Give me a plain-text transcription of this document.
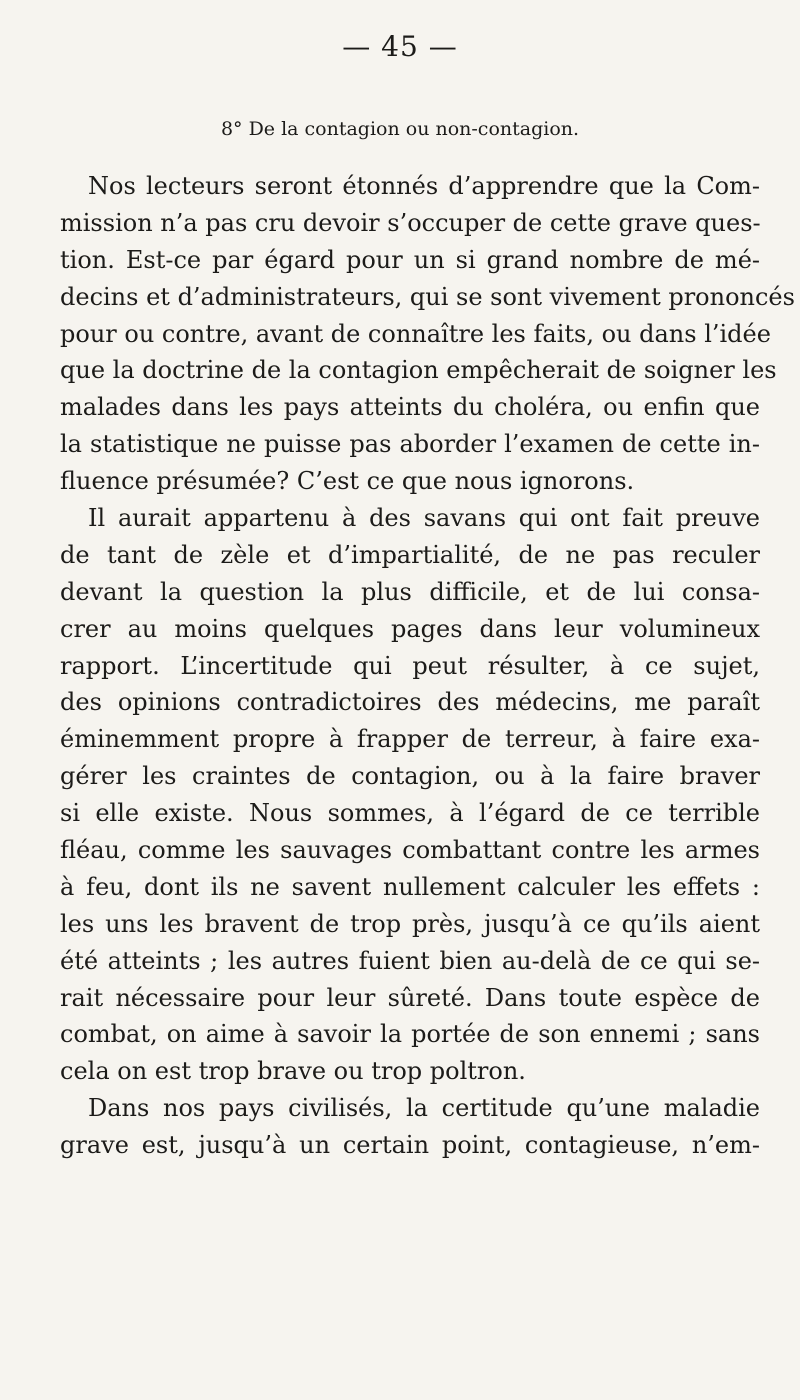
— 45 —
8° De la contagion ou non-contagion.
Nos lecteurs seront étonnés d’apprendre que la Com-
mission n’a pas cru devoir s’occuper de cette grave ques-
tion. Est-ce par égard pour un si grand nombre de mé-
decins et d’administrateurs, qui se sont vivement prononcés
pour ou contre, avant de connaître les faits, ou dans l’idée
que la doctrine de la contagion empêcherait de soigner les
malades dans les pays atteints du choléra, ou enfin que
la statistique ne puisse pas aborder l’examen de cette in-
fluence présumée? C’est ce que nous ignorons.
Il aurait appartenu à des savans qui ont fait preuve
de tant de zèle et d’impartialité, de ne pas reculer
devant la question la plus difficile, et de lui consa-
crer au moins quelques pages dans leur volumineux
rapport. L’incertitude qui peut résulter, à ce sujet,
des opinions contradictoires des médecins, me paraît
éminemment propre à frapper de terreur, à faire exa-
gérer les craintes de contagion, ou à la faire braver
si elle existe. Nous sommes, à l’égard de ce terrible
fléau, comme les sauvages combattant contre les armes
à feu, dont ils ne savent nullement calculer les effets :
les uns les bravent de trop près, jusqu’à ce qu’ils aient
été atteints ; les autres fuient bien au-delà de ce qui se-
rait nécessaire pour leur sûreté. Dans toute espèce de
combat, on aime à savoir la portée de son ennemi ; sans
cela on est trop brave ou trop poltron.
Dans nos pays civilisés, la certitude qu’une maladie
grave est, jusqu’à un certain point, contagieuse, n’em-
